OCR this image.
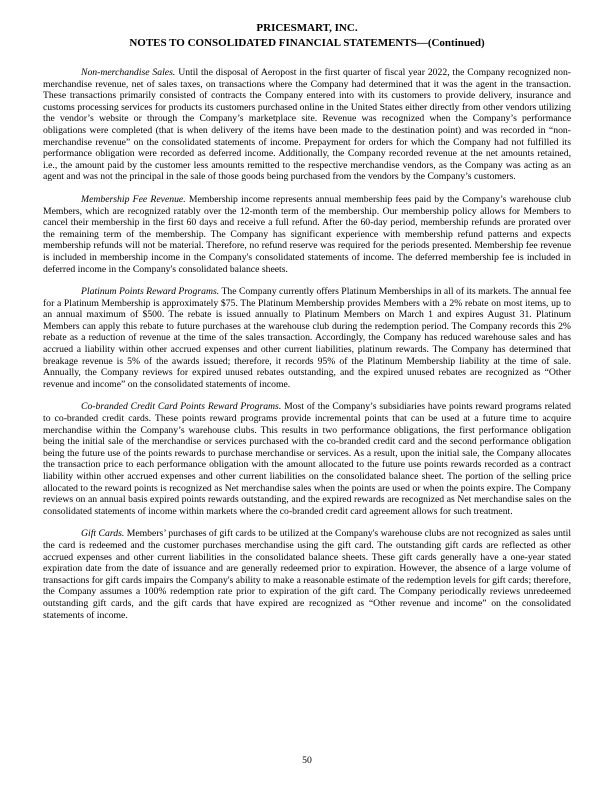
PRICESMART, INC.
NOTES TO CONSOLIDATED FINANCIAL STATEMENTS—(Continued)

Non-merchandise Sales. Until the disposal of Aeropost in the first quarter of fiscal year 2022, the Company recognized non-merchandise revenue, net of sales taxes, on transactions where the Company had determined that it was the agent in the transaction. These transactions primarily consisted of contracts the Company entered into with its customers to provide delivery, insurance and customs processing services for products its customers purchased online in the United States either directly from other vendors utilizing the vendor’s website or through the Company’s marketplace site. Revenue was recognized when the Company’s performance obligations were completed (that is when delivery of the items have been made to the destination point) and was recorded in “non-merchandise revenue” on the consolidated statements of income. Prepayment for orders for which the Company had not fulfilled its performance obligation were recorded as deferred income. Additionally, the Company recorded revenue at the net amounts retained, i.e., the amount paid by the customer less amounts remitted to the respective merchandise vendors, as the Company was acting as an agent and was not the principal in the sale of those goods being purchased from the vendors by the Company’s customers.

Membership Fee Revenue. Membership income represents annual membership fees paid by the Company’s warehouse club Members, which are recognized ratably over the 12-month term of the membership. Our membership policy allows for Members to cancel their membership in the first 60 days and receive a full refund. After the 60-day period, membership refunds are prorated over the remaining term of the membership. The Company has significant experience with membership refund patterns and expects membership refunds will not be material. Therefore, no refund reserve was required for the periods presented. Membership fee revenue is included in membership income in the Company's consolidated statements of income. The deferred membership fee is included in deferred income in the Company's consolidated balance sheets.

Platinum Points Reward Programs. The Company currently offers Platinum Memberships in all of its markets. The annual fee for a Platinum Membership is approximately $75. The Platinum Membership provides Members with a 2% rebate on most items, up to an annual maximum of $500. The rebate is issued annually to Platinum Members on March 1 and expires August 31. Platinum Members can apply this rebate to future purchases at the warehouse club during the redemption period. The Company records this 2% rebate as a reduction of revenue at the time of the sales transaction. Accordingly, the Company has reduced warehouse sales and has accrued a liability within other accrued expenses and other current liabilities, platinum rewards. The Company has determined that breakage revenue is 5% of the awards issued; therefore, it records 95% of the Platinum Membership liability at the time of sale. Annually, the Company reviews for expired unused rebates outstanding, and the expired unused rebates are recognized as “Other revenue and income” on the consolidated statements of income.

Co-branded Credit Card Points Reward Programs. Most of the Company’s subsidiaries have points reward programs related to co-branded credit cards. These points reward programs provide incremental points that can be used at a future time to acquire merchandise within the Company’s warehouse clubs. This results in two performance obligations, the first performance obligation being the initial sale of the merchandise or services purchased with the co-branded credit card and the second performance obligation being the future use of the points rewards to purchase merchandise or services. As a result, upon the initial sale, the Company allocates the transaction price to each performance obligation with the amount allocated to the future use points rewards recorded as a contract liability within other accrued expenses and other current liabilities on the consolidated balance sheet. The portion of the selling price allocated to the reward points is recognized as Net merchandise sales when the points are used or when the points expire. The Company reviews on an annual basis expired points rewards outstanding, and the expired rewards are recognized as Net merchandise sales on the consolidated statements of income within markets where the co-branded credit card agreement allows for such treatment.

Gift Cards. Members’ purchases of gift cards to be utilized at the Company's warehouse clubs are not recognized as sales until the card is redeemed and the customer purchases merchandise using the gift card. The outstanding gift cards are reflected as other accrued expenses and other current liabilities in the consolidated balance sheets. These gift cards generally have a one-year stated expiration date from the date of issuance and are generally redeemed prior to expiration. However, the absence of a large volume of transactions for gift cards impairs the Company's ability to make a reasonable estimate of the redemption levels for gift cards; therefore, the Company assumes a 100% redemption rate prior to expiration of the gift card. The Company periodically reviews unredeemed outstanding gift cards, and the gift cards that have expired are recognized as “Other revenue and income” on the consolidated statements of income.

50
